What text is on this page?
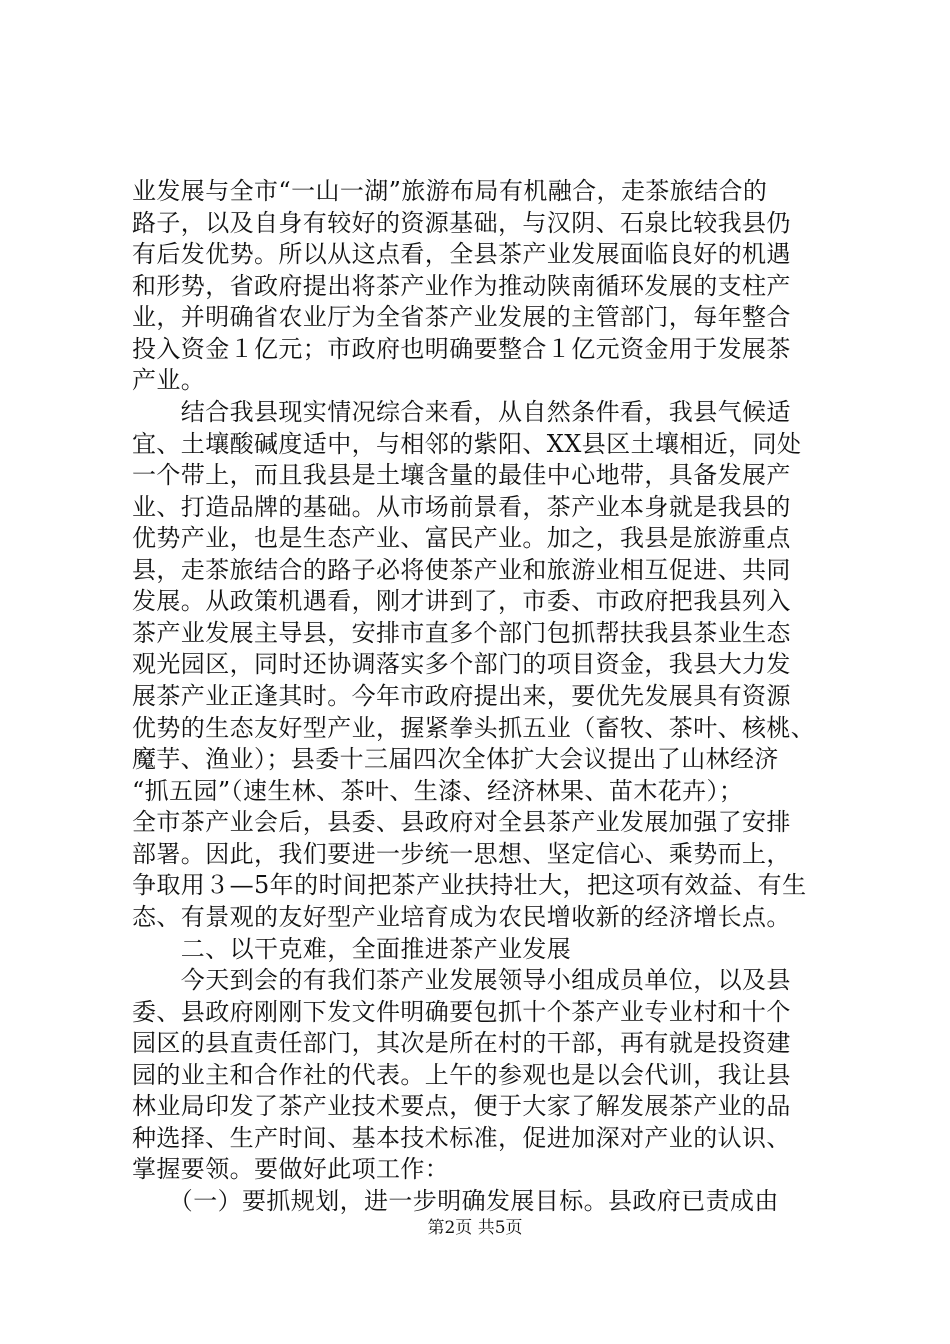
业发展与全市“一山一湖”旅游布局有机融合，走茶旅结合的
路子，以及自身有较好的资源基础，与汉阴、石泉比较我县仍
有后发优势。所以从这点看，全县茶产业发展面临良好的机遇
和形势，省政府提出将茶产业作为推动陕南循环发展的支柱产
业，并明确省农业厅为全省茶产业发展的主管部门，每年整合
投入资金１亿元；市政府也明确要整合１亿元资金用于发展茶
产业。
　　结合我县现实情况综合来看，从自然条件看，我县气候适
宜、土壤酸碱度适中，与相邻的紫阳、XX县区土壤相近，同处
一个带上，而且我县是土壤含量的最佳中心地带，具备发展产
业、打造品牌的基础。从市场前景看，茶产业本身就是我县的
优势产业，也是生态产业、富民产业。加之，我县是旅游重点
县，走茶旅结合的路子必将使茶产业和旅游业相互促进、共同
发展。从政策机遇看，刚才讲到了，市委、市政府把我县列入
茶产业发展主导县，安排市直多个部门包抓帮扶我县茶业生态
观光园区，同时还协调落实多个部门的项目资金，我县大力发
展茶产业正逢其时。今年市政府提出来，要优先发展具有资源
优势的生态友好型产业，握紧拳头抓五业（畜牧、茶叶、核桃、
魔芋、渔业）；县委十三届四次全体扩大会议提出了山林经济
“抓五园”（速生林、茶叶、生漆、经济林果、苗木花卉）；
全市茶产业会后，县委、县政府对全县茶产业发展加强了安排
部署。因此，我们要进一步统一思想、坚定信心、乘势而上，
争取用３—5年的时间把茶产业扶持壮大，把这项有效益、有生
态、有景观的友好型产业培育成为农民增收新的经济增长点。
　　二、以干克难，全面推进茶产业发展
　　今天到会的有我们茶产业发展领导小组成员单位，以及县
委、县政府刚刚下发文件明确要包抓十个茶产业专业村和十个
园区的县直责任部门，其次是所在村的干部，再有就是投资建
园的业主和合作社的代表。上午的参观也是以会代训，我让县
林业局印发了茶产业技术要点，便于大家了解发展茶产业的品
种选择、生产时间、基本技术标准，促进加深对产业的认识、
掌握要领。要做好此项工作：
　　（一）要抓规划，进一步明确发展目标。县政府已责成由
第2页 共5页
